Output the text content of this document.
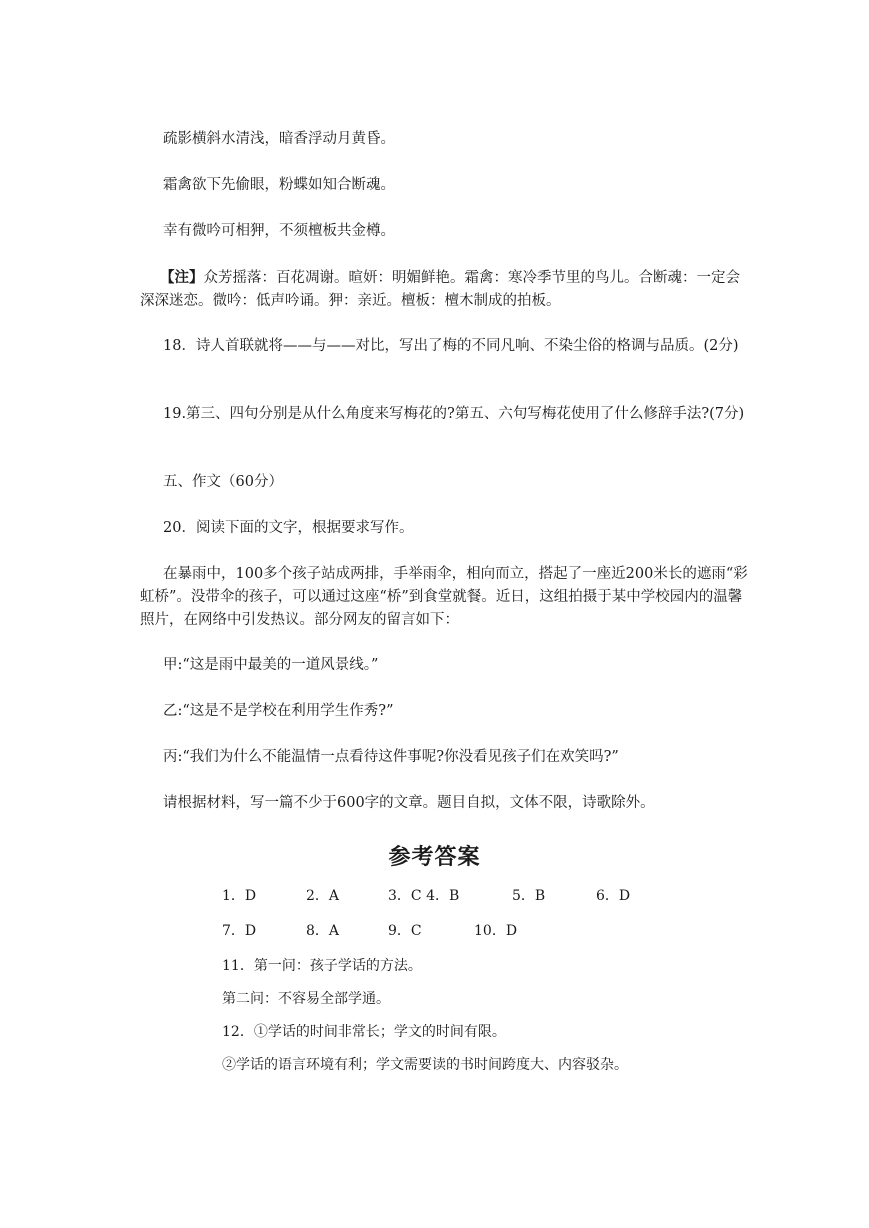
疏影横斜水清浅，暗香浮动月黄昏。

霜禽欲下先偷眼，粉蝶如知合断魂。

幸有微吟可相狎，不须檀板共金樽。

【注】众芳摇落：百花凋谢。暄妍：明媚鲜艳。霜禽：寒冷季节里的鸟儿。合断魂：一定会深深迷恋。微吟：低声吟诵。狎：亲近。檀板：檀木制成的拍板。

18．诗人首联就将——与——对比，写出了梅的不同凡响、不染尘俗的格调与品质。(2分)

19.第三、四句分别是从什么角度来写梅花的?第五、六句写梅花使用了什么修辞手法?(7分)

五、作文（60分）

20．阅读下面的文字，根据要求写作。

在暴雨中，100多个孩子站成两排，手举雨伞，相向而立，搭起了一座近200米长的遮雨“彩虹桥”。没带伞的孩子，可以通过这座“桥”到食堂就餐。近日，这组拍摄于某中学校园内的温馨照片，在网络中引发热议。部分网友的留言如下：

甲:“这是雨中最美的一道风景线。”

乙:“这是不是学校在利用学生作秀?”

丙:“我们为什么不能温情一点看待这件事呢?你没看见孩子们在欢笑吗?”

请根据材料，写一篇不少于600字的文章。题目自拟，文体不限，诗歌除外。

参考答案
1．D	2．A	3．C 4．B	5．B	6．D
7．D	8．A	9．C	10．D

11．第一问：孩子学话的方法。

第二问：不容易全部学通。

12．①学话的时间非常长；学文的时间有限。

②学话的语言环境有利；学文需要读的书时间跨度大、内容驳杂。
